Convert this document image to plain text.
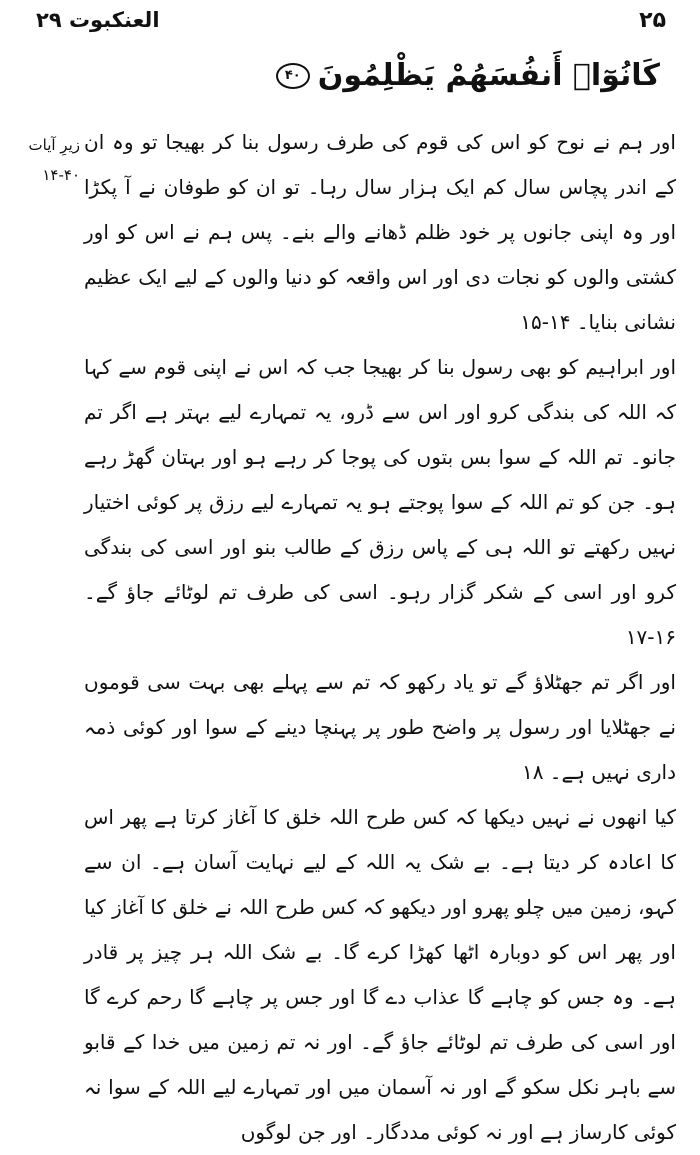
العنکبوت ۲۹	۲۵
كَانُوٓا۟ أَنفُسَهُمْ يَظْلِمُونَ
۴۰
زیرِ آیات
۱۴-۴۰

اور ہم نے نوح کو اس کی قوم کی طرف رسول بنا کر بھیجا تو وہ ان کے اندر پچاس سال کم ایک ہزار سال رہا۔ تو ان کو طوفان نے آ پکڑا اور وہ اپنی جانوں پر خود ظلم ڈھانے والے بنے۔ پس ہم نے اس کو اور کشتی والوں کو نجات دی اور اس واقعہ کو دنیا والوں کے لیے ایک عظیم نشانی بنایا۔ ۱۴-۱۵

اور ابراہیم کو بھی رسول بنا کر بھیجا جب کہ اس نے اپنی قوم سے کہا کہ اللہ کی بندگی کرو اور اس سے ڈرو، یہ تمہارے لیے بہتر ہے اگر تم جانو۔ تم اللہ کے سوا بس بتوں کی پوجا کر رہے ہو اور بہتان گھڑ رہے ہو۔ جن کو تم اللہ کے سوا پوجتے ہو یہ تمہارے لیے رزق پر کوئی اختیار نہیں رکھتے تو اللہ ہی کے پاس رزق کے طالب بنو اور اسی کی بندگی کرو اور اسی کے شکر گزار رہو۔ اسی کی طرف تم لوٹائے جاؤ گے۔ ۱۶-۱۷

اور اگر تم جھٹلاؤ گے تو یاد رکھو کہ تم سے پہلے بھی بہت سی قوموں نے جھٹلایا اور رسول پر واضح طور پر پہنچا دینے کے سوا اور کوئی ذمہ داری نہیں ہے۔ ۱۸

کیا انھوں نے نہیں دیکھا کہ کس طرح اللہ خلق کا آغاز کرتا ہے پھر اس کا اعادہ کر دیتا ہے۔ بے شک یہ اللہ کے لیے نہایت آسان ہے۔ ان سے کہو، زمین میں چلو پھرو اور دیکھو کہ کس طرح اللہ نے خلق کا آغاز کیا اور پھر اس کو دوبارہ اٹھا کھڑا کرے گا۔ بے شک اللہ ہر چیز پر قادر ہے۔ وہ جس کو چاہے گا عذاب دے گا اور جس پر چاہے گا رحم کرے گا اور اسی کی طرف تم لوٹائے جاؤ گے۔ اور نہ تم زمین میں خدا کے قابو سے باہر نکل سکو گے اور نہ آسمان میں اور تمہارے لیے اللہ کے سوا نہ کوئی کارساز ہے اور نہ کوئی مددگار۔ اور جن لوگوں
